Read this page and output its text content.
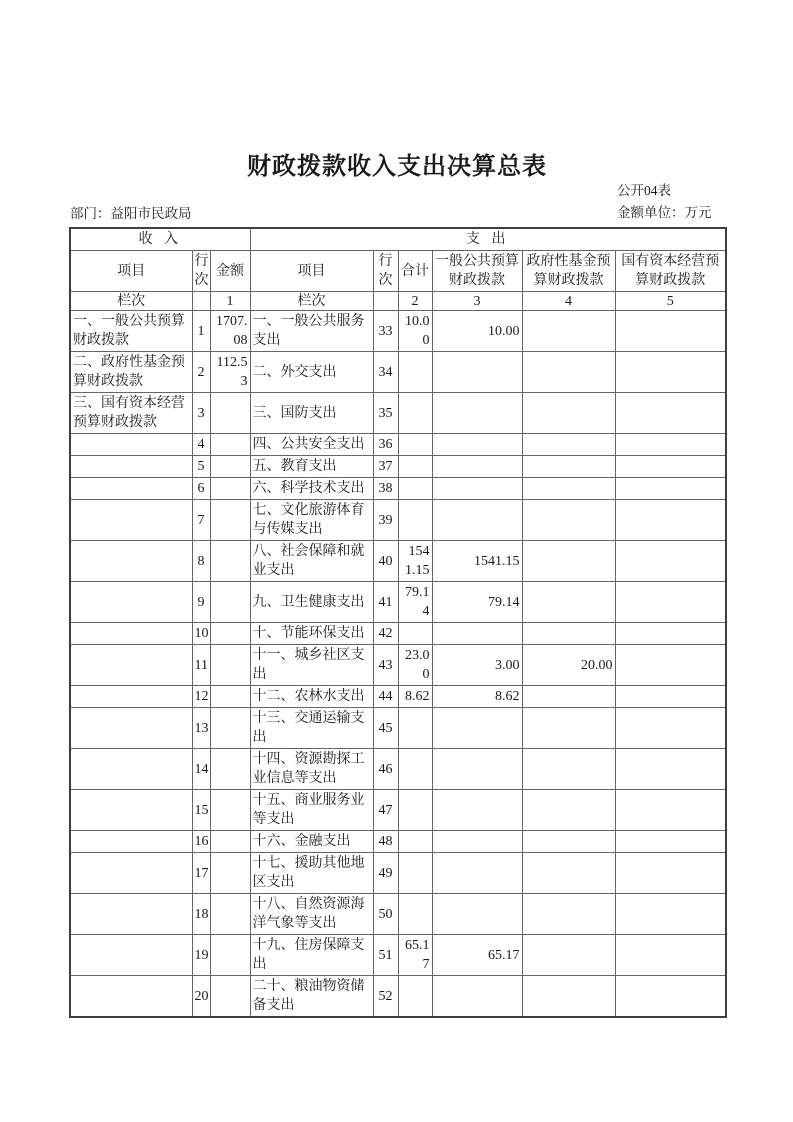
财政拨款收入支出决算总表
公开04表
金额单位：万元
部门：益阳市民政局
收 入			支 出					
项目	行次	金额	项目	行次	合计	一般公共预算财政拨款	政府性基金预算财政拨款	国有资本经营预算财政拨款
栏次		1	栏次		2	3	4	5
一、一般公共预算财政拨款	1	1707.08	一、一般公共服务支出	33	10.00	10.00		
二、政府性基金预算财政拨款	2	112.53	二、外交支出	34				
三、国有资本经营预算财政拨款	3		三、国防支出	35				
	4		四、公共安全支出	36				
	5		五、教育支出	37				
	6		六、科学技术支出	38				
	7		七、文化旅游体育与传媒支出	39				
	8		八、社会保障和就业支出	40	1541.15	1541.15		
	9		九、卫生健康支出	41	79.14	79.14		
	10		十、节能环保支出	42				
	11		十一、城乡社区支出	43	23.00	3.00	20.00	
	12		十二、农林水支出	44	8.62	8.62		
	13		十三、交通运输支出	45				
	14		十四、资源勘探工业信息等支出	46				
	15		十五、商业服务业等支出	47				
	16		十六、金融支出	48				
	17		十七、援助其他地区支出	49				
	18		十八、自然资源海洋气象等支出	50				
	19		十九、住房保障支出	51	65.17	65.17		
	20		二十、粮油物资储备支出	52				
